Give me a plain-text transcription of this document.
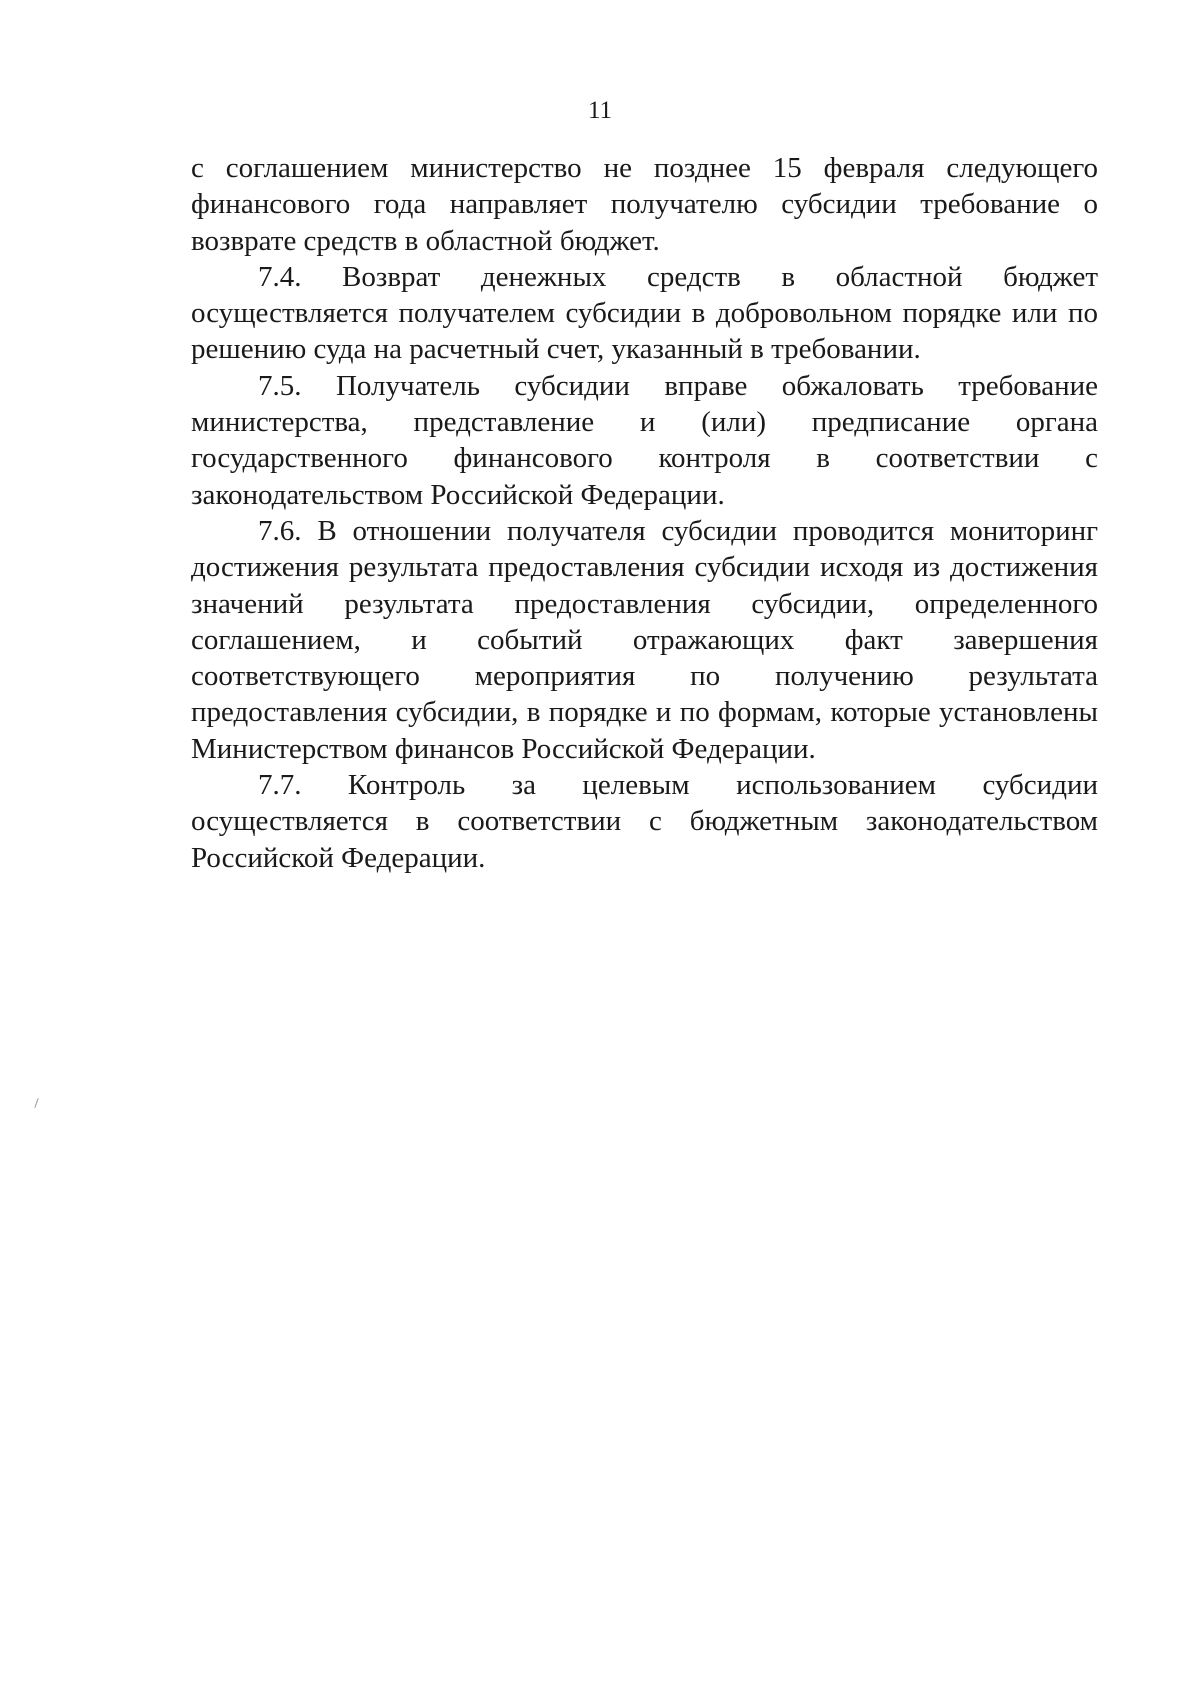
11

с соглашением министерство не позднее 15 февраля следующего финансового года направляет получателю субсидии требование о возврате средств в областной бюджет.

7.4. Возврат денежных средств в областной бюджет осуществляется получателем субсидии в добровольном порядке или по решению суда на расчетный счет, указанный в требовании.

7.5. Получатель субсидии вправе обжаловать требование министерства, представление и (или) предписание органа государственного финансового контроля в соответствии с законодательством Российской Федерации.

7.6. В отношении получателя субсидии проводится мониторинг достижения результата предоставления субсидии исходя из достижения значений результата предоставления субсидии, определенного соглашением, и событий отражающих факт завершения соответствующего мероприятия по получению результата предоставления субсидии, в порядке и по формам, которые установлены Министерством финансов Российской Федерации.

7.7. Контроль за целевым использованием субсидии осуществляется в соответствии с бюджетным законодательством Российской Федерации.
